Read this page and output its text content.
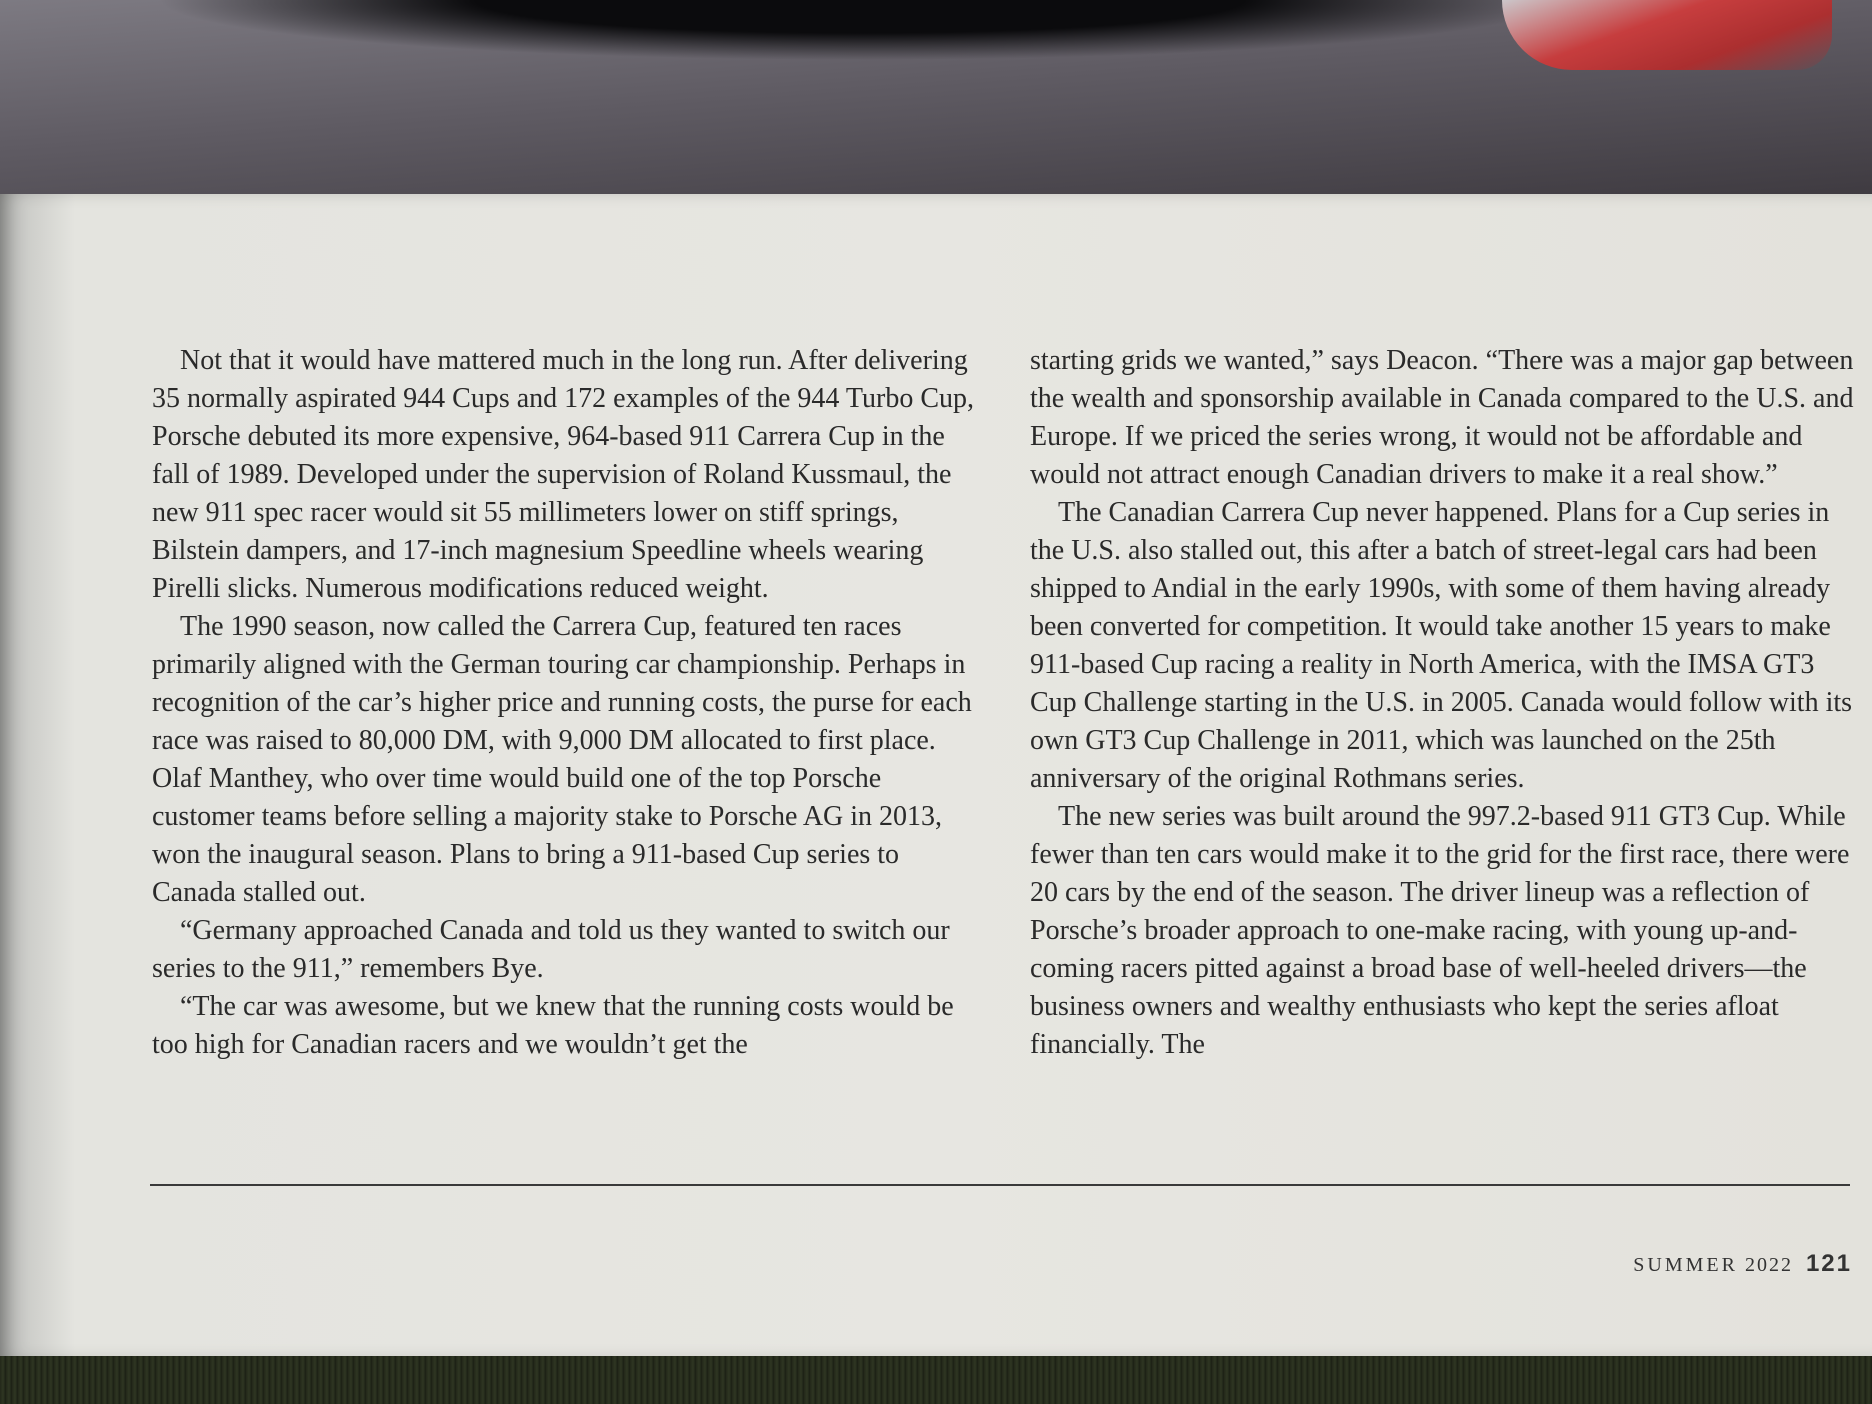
Not that it would have mattered much in the long run. After delivering 35 normally aspirated 944 Cups and 172 examples of the 944 Turbo Cup, Porsche debuted its more expensive, 964-based 911 Carrera Cup in the fall of 1989. Developed under the supervision of Roland Kussmaul, the new 911 spec racer would sit 55 millimeters lower on stiff springs, Bilstein dampers, and 17-inch magnesium Speedline wheels wearing Pirelli slicks. Numerous modifications reduced weight.

The 1990 season, now called the Carrera Cup, featured ten races primarily aligned with the German touring car championship. Perhaps in recognition of the car’s higher price and running costs, the purse for each race was raised to 80,000 DM, with 9,000 DM allocated to first place. Olaf Manthey, who over time would build one of the top Porsche customer teams before selling a majority stake to Porsche AG in 2013, won the inaugural season. Plans to bring a 911-based Cup series to Canada stalled out.

“Germany approached Canada and told us they wanted to switch our series to the 911,” remembers Bye.

“The car was awesome, but we knew that the running costs would be too high for Canadian racers and we wouldn’t get the

starting grids we wanted,” says Deacon. “There was a major gap between the wealth and sponsorship available in Canada compared to the U.S. and Europe. If we priced the series wrong, it would not be affordable and would not attract enough Canadian drivers to make it a real show.”

The Canadian Carrera Cup never happened. Plans for a Cup series in the U.S. also stalled out, this after a batch of street-legal cars had been shipped to Andial in the early 1990s, with some of them having already been converted for competition. It would take another 15 years to make 911-based Cup racing a reality in North America, with the IMSA GT3 Cup Challenge starting in the U.S. in 2005. Canada would follow with its own GT3 Cup Challenge in 2011, which was launched on the 25th anniversary of the original Rothmans series.

The new series was built around the 997.2-based 911 GT3 Cup. While fewer than ten cars would make it to the grid for the first race, there were 20 cars by the end of the season. The driver lineup was a reflection of Porsche’s broader approach to one-make racing, with young up-and-coming racers pitted against a broad base of well-heeled drivers—the business owners and wealthy enthusiasts who kept the series afloat financially. The

SUMMER 2022 121
